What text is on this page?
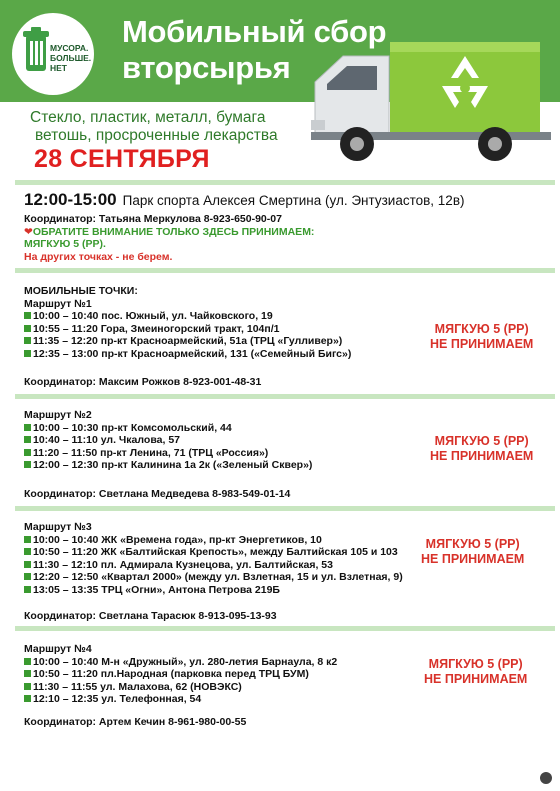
МУСОРА.
БОЛЬШЕ.
НЕТ
Мобильный сбор
вторсырья
Стекло, пластик, металл, бумага
ветошь, просроченные лекарства
28 СЕНТЯБРЯ
12:00-15:00 Парк спорта Алексея Смертина (ул. Энтузиастов, 12в)
Координатор: Татьяна Меркулова 8-923-650-90-07
❤ОБРАТИТЕ ВНИМАНИЕ ТОЛЬКО ЗДЕСЬ ПРИНИМАЕМ:
МЯГКУЮ 5 (РР).
На других точках - не берем.
МОБИЛЬНЫЕ ТОЧКИ:
Маршрут №1
10:00 – 10:40 пос. Южный, ул. Чайковского, 19
10:55 – 11:20 Гора, Змеиногорский тракт, 104п/1
11:35 – 12:20 пр-кт Красноармейский, 51а (ТРЦ «Гулливер»)
12:35 – 13:00 пр-кт Красноармейский, 131 («Семейный Бигс»)
Координатор: Максим Рожков 8-923-001-48-31
МЯГКУЮ 5 (РР)
НЕ ПРИНИМАЕМ
Маршрут №2
10:00 – 10:30 пр-кт Комсомольский, 44
10:40 – 11:10 ул. Чкалова, 57
11:20 – 11:50 пр-кт Ленина, 71 (ТРЦ «Россия»)
12:00 – 12:30 пр-кт Калинина 1а 2к («Зеленый Сквер»)
Координатор: Светлана Медведева 8-983-549-01-14
МЯГКУЮ 5 (РР)
НЕ ПРИНИМАЕМ
Маршрут №3
10:00 – 10:40 ЖК «Времена года», пр-кт Энергетиков, 10
10:50 – 11:20 ЖК «Балтийская Крепость», между Балтийская 105 и 103
11:30 – 12:10 пл. Адмирала Кузнецова, ул. Балтийская, 53
12:20 – 12:50 «Квартал 2000» (между ул. Взлетная, 15 и ул. Взлетная, 9)
13:05 – 13:35 ТРЦ «Огни», Антона Петрова 219Б
Координатор: Светлана Тарасюк 8-913-095-13-93
МЯГКУЮ 5 (РР)
НЕ ПРИНИМАЕМ
Маршрут №4
10:00 – 10:40 М-н «Дружный», ул. 280-летия Барнаула, 8 к2
10:50 – 11:20 пл.Народная (парковка перед ТРЦ БУМ)
11:30 – 11:55 ул. Малахова, 62 (НОВЭКС)
12:10 – 12:35 ул. Телефонная, 54
Координатор: Артем Кечин 8-961-980-00-55
МЯГКУЮ 5 (РР)
НЕ ПРИНИМАЕМ
